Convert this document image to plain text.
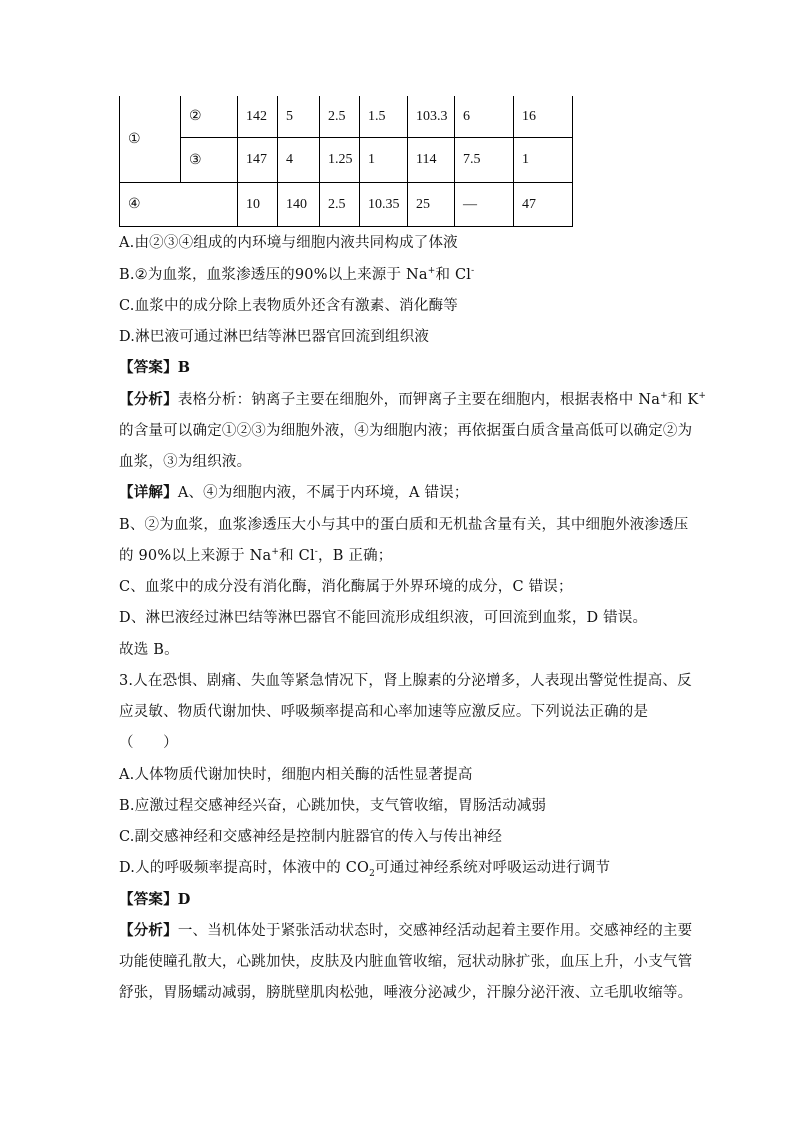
①	②	142	5	2.5	1.5	103.3	6	16
	③	147	4	1.25	1	114	7.5	1
④		10	140	2.5	10.35	25	—	47
A.由②③④组成的内环境与细胞内液共同构成了体液
B.②为血浆，血浆渗透压的90%以上来源于 Na+和 Cl-
C.血浆中的成分除上表物质外还含有激素、消化酶等
D.淋巴液可通过淋巴结等淋巴器官回流到组织液
【答案】B
【分析】表格分析：钠离子主要在细胞外，而钾离子主要在细胞内，根据表格中 Na+和 K+
的含量可以确定①②③为细胞外液，④为细胞内液；再依据蛋白质含量高低可以确定②为
血浆，③为组织液。
【详解】A、④为细胞内液，不属于内环境，A 错误；
B、②为血浆，血浆渗透压大小与其中的蛋白质和无机盐含量有关，其中细胞外液渗透压
的 90%以上来源于 Na+和 Cl-，B 正确；
C、血浆中的成分没有消化酶，消化酶属于外界环境的成分，C 错误；
D、淋巴液经过淋巴结等淋巴器官不能回流形成组织液，可回流到血浆，D 错误。
故选 B。
3.人在恐惧、剧痛、失血等紧急情况下，肾上腺素的分泌增多，人表现出警觉性提高、反
应灵敏、物质代谢加快、呼吸频率提高和心率加速等应激反应。下列说法正确的是
（　　）
A.人体物质代谢加快时，细胞内相关酶的活性显著提高
B.应激过程交感神经兴奋，心跳加快，支气管收缩，胃肠活动减弱
C.副交感神经和交感神经是控制内脏器官的传入与传出神经
D.人的呼吸频率提高时，体液中的 $CO_2$可通过神经系统对呼吸运动进行调节
【答案】D
【分析】一、当机体处于紧张活动状态时，交感神经活动起着主要作用。交感神经的主要
功能使瞳孔散大，心跳加快，皮肤及内脏血管收缩，冠状动脉扩张，血压上升，小支气管
舒张，胃肠蠕动减弱，膀胱壁肌肉松弛，唾液分泌减少，汗腺分泌汗液、立毛肌收缩等。
